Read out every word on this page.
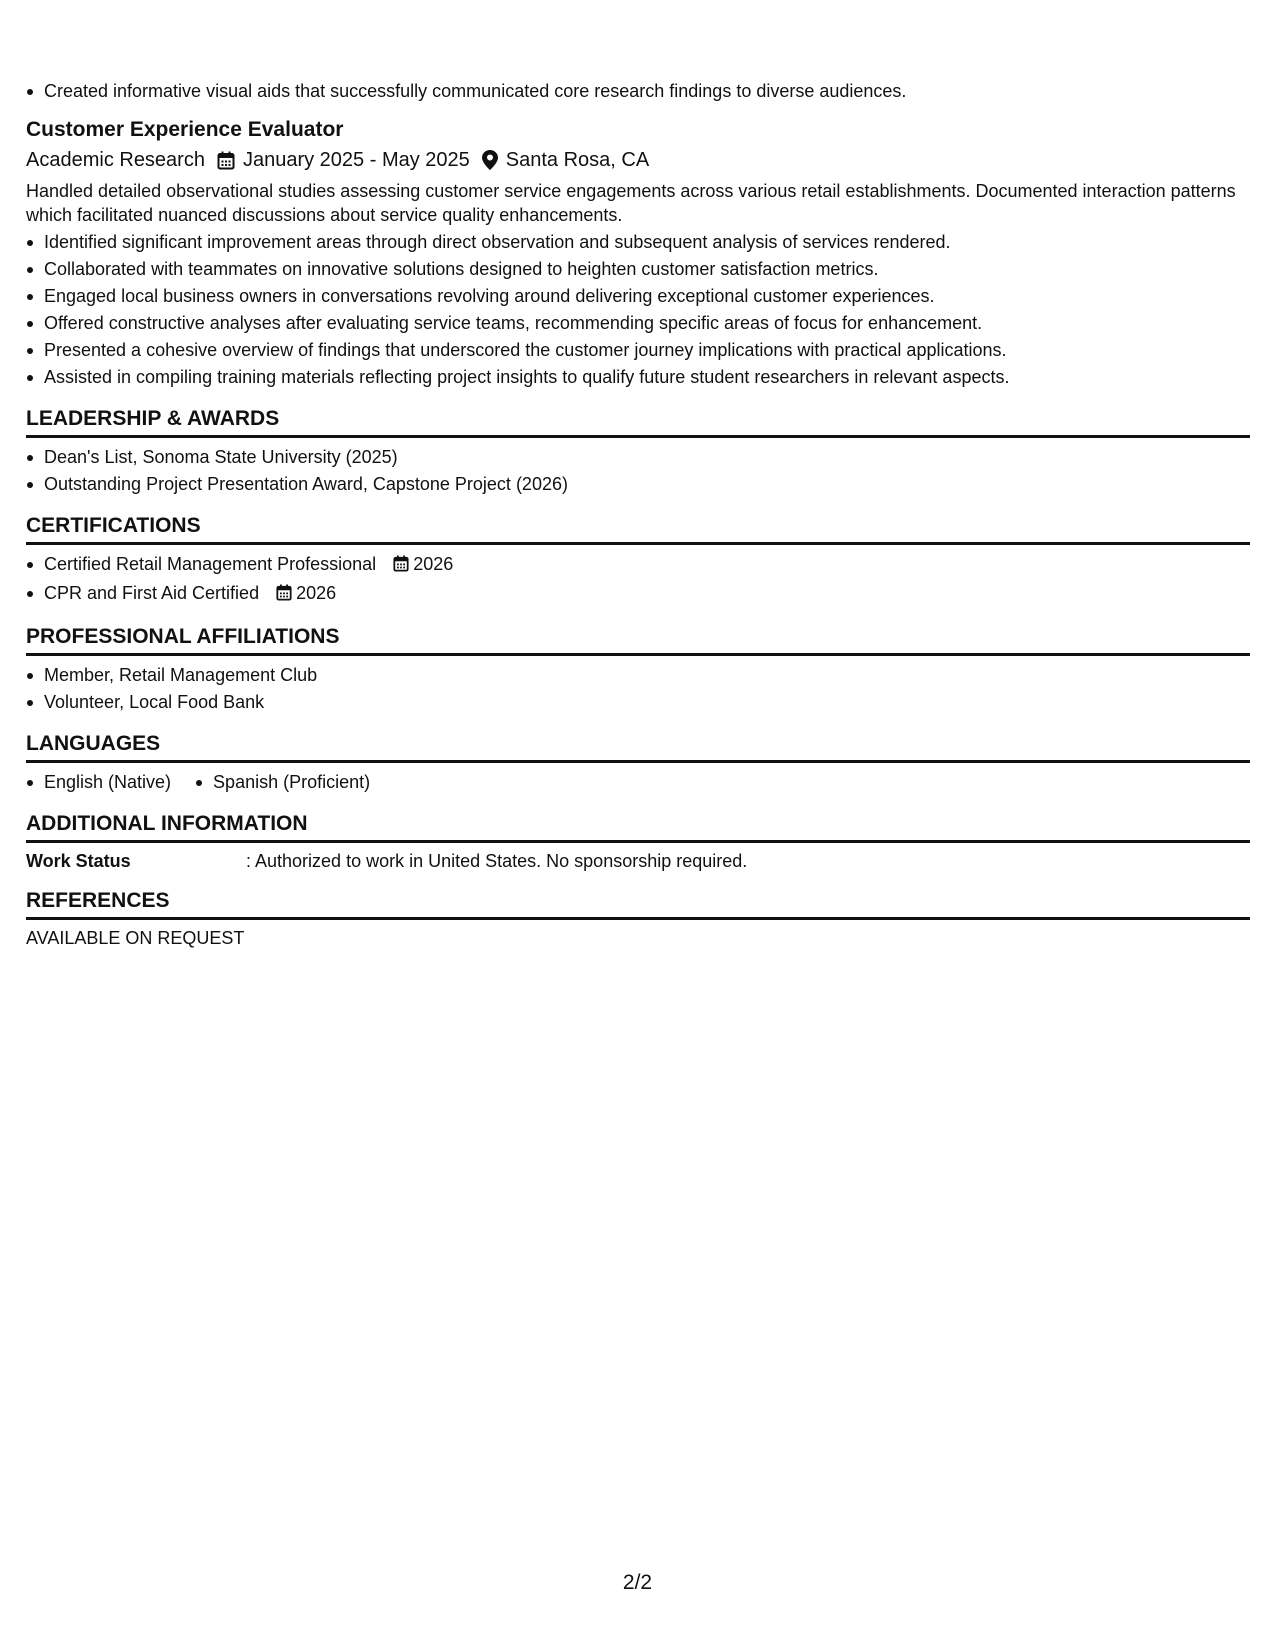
Created informative visual aids that successfully communicated core research findings to diverse audiences.
Customer Experience Evaluator
Academic Research January 2025 - May 2025 Santa Rosa, CA
Handled detailed observational studies assessing customer service engagements across various retail establishments. Documented interaction patterns which facilitated nuanced discussions about service quality enhancements.
Identified significant improvement areas through direct observation and subsequent analysis of services rendered.
Collaborated with teammates on innovative solutions designed to heighten customer satisfaction metrics.
Engaged local business owners in conversations revolving around delivering exceptional customer experiences.
Offered constructive analyses after evaluating service teams, recommending specific areas of focus for enhancement.
Presented a cohesive overview of findings that underscored the customer journey implications with practical applications.
Assisted in compiling training materials reflecting project insights to qualify future student researchers in relevant aspects.
LEADERSHIP & AWARDS
Dean's List, Sonoma State University (2025)
Outstanding Project Presentation Award, Capstone Project (2026)
CERTIFICATIONS
Certified Retail Management Professional 2026
CPR and First Aid Certified 2026
PROFESSIONAL AFFILIATIONS
Member, Retail Management Club
Volunteer, Local Food Bank
LANGUAGES
English (Native)	Spanish (Proficient)
ADDITIONAL INFORMATION
Work Status	: Authorized to work in United States. No sponsorship required.
REFERENCES
AVAILABLE ON REQUEST
2/2
